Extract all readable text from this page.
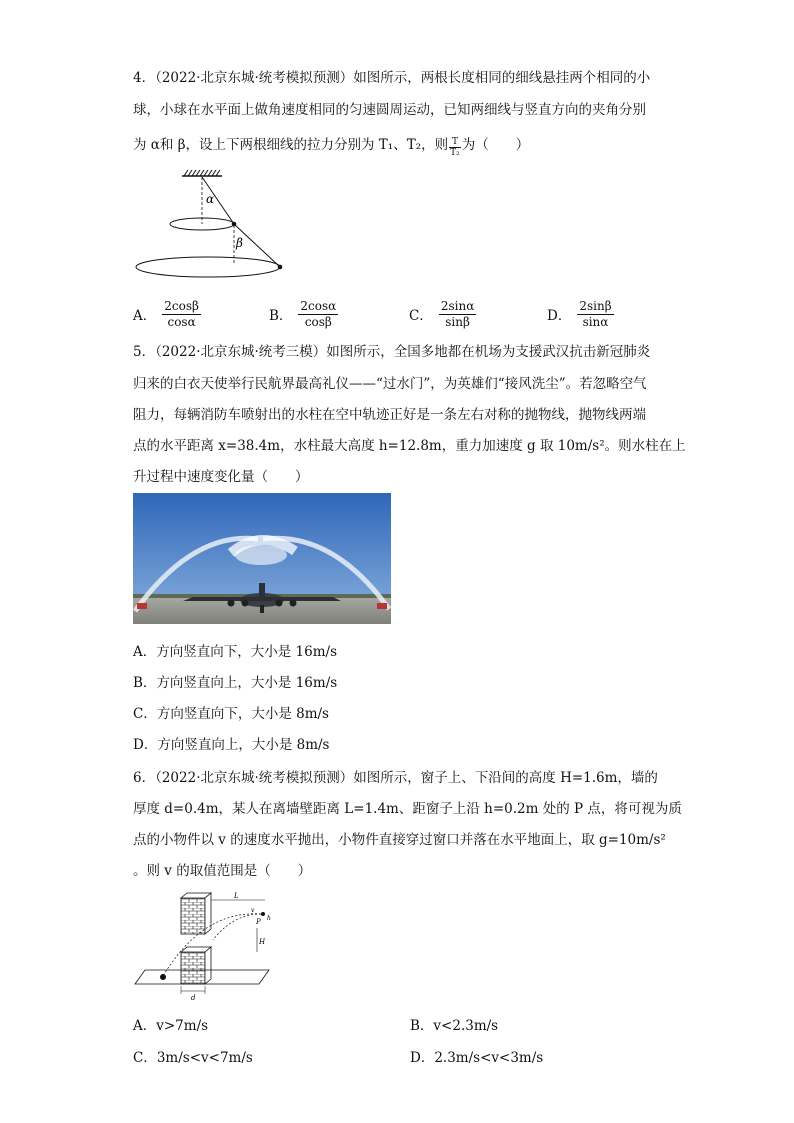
4．（2022·北京东城·统考模拟预测）如图所示，两根长度相同的细线悬挂两个相同的小
球，小球在水平面上做角速度相同的匀速圆周运动，已知两细线与竖直方向的夹角分别
为 α和 β，设上下两根细线的拉力分别为 T₁、T₂，则 $\frac{T}{\text{T₂}}$ 为（　　）
α
β
A． $\frac{2\cos\beta}{\cos\alpha}$	B． $\frac{2\cos\alpha}{\cos\beta}$	C． $\frac{2\sin\alpha}{\sin\beta}$	D． $\frac{2\sin\beta}{\sin\alpha}$
5．（2022·北京东城·统考三模）如图所示，全国多地都在机场为支援武汉抗击新冠肺炎
归来的白衣天使举行民航界最高礼仪——“过水门”，为英雄们“接风洗尘”。若忽略空气
阻力，每辆消防车喷射出的水柱在空中轨迹正好是一条左右对称的抛物线，抛物线两端
点的水平距离 x=38.4m，水柱最大高度 h=12.8m，重力加速度 g 取 10m/s²。则水柱在上
升过程中速度变化量（　　）
A．方向竖直向下，大小是 16m/s
B．方向竖直向上，大小是 16m/s
C．方向竖直向下，大小是 8m/s
D．方向竖直向上，大小是 8m/s
6．（2022·北京东城·统考模拟预测）如图所示，窗子上、下沿间的高度 H=1.6m，墙的
厚度 d=0.4m，某人在离墙壁距离 L=1.4m、距窗子上沿 h=0.2m 处的 P 点，将可视为质
点的小物件以 v 的速度水平抛出，小物件直接穿过窗口并落在水平地面上，取 g=10m/s²
。则 v 的取值范围是（　　）
L
P
v
h
H
d
A．v>7m/s	B．v<2.3m/s
C．3m/s<v<7m/s	D．2.3m/s<v<3m/s
